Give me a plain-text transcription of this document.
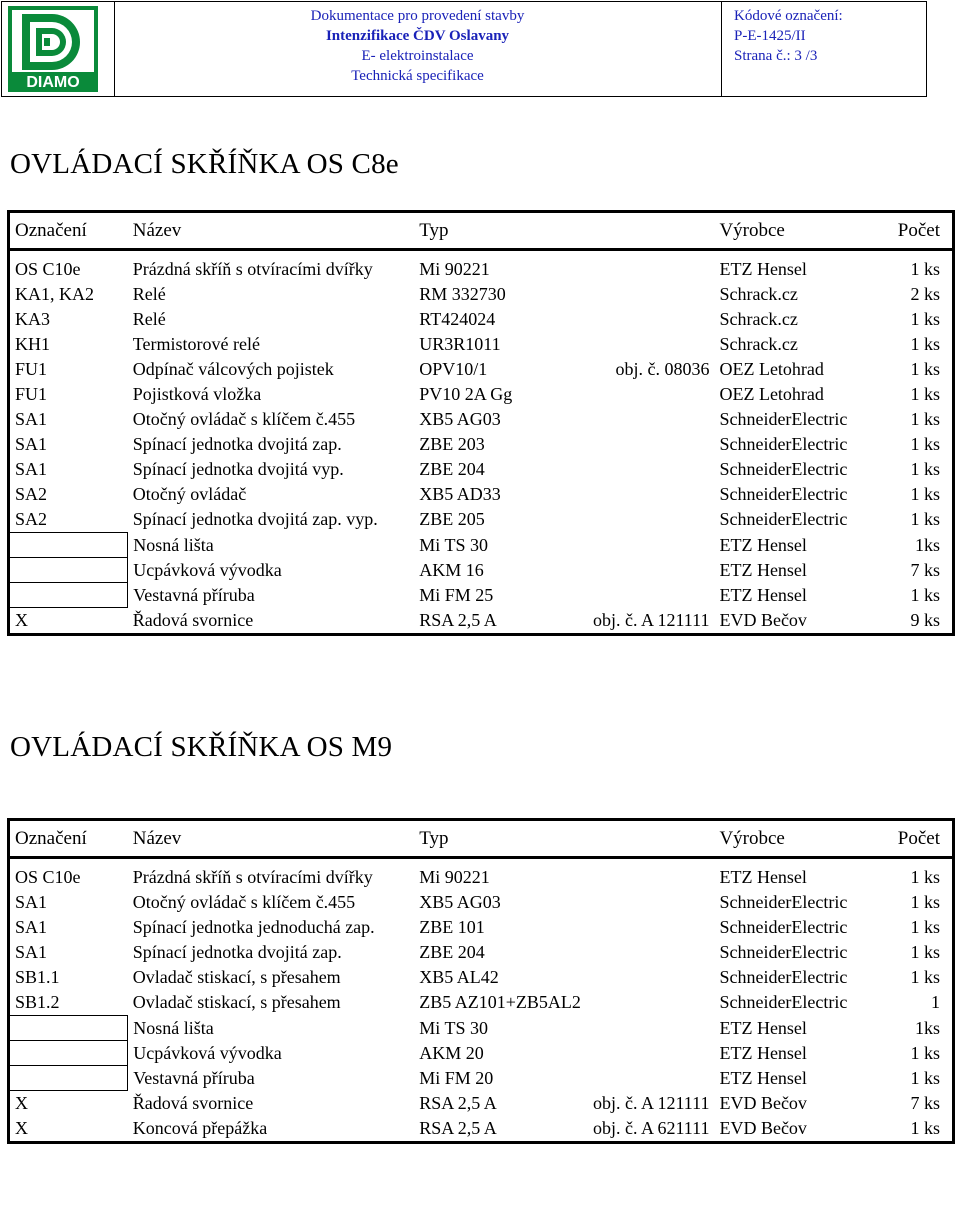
DIAMO
Dokumentace pro provedení stavby
Intenzifikace ČDV Oslavany
E- elektroinstalace
Technická specifikace
Kódové označení:
P-E-1425/II
Strana č.: 3 /3
OVLÁDACÍ SKŘÍŇKA OS C8e
Označení	Název	Typ	Výrobce	Počet
OS C10e	Prázdná skříň s otvíracími dvířky	Mi 90221	ETZ Hensel	1 ks
KA1, KA2	Relé	RM 332730	Schrack.cz	2 ks
KA3	Relé	RT424024	Schrack.cz	1 ks
KH1	Termistorové relé	UR3R1011	Schrack.cz	1 ks
FU1	Odpínač válcových pojistek	OPV10/1 obj. č. 08036	OEZ Letohrad	1 ks
FU1	Pojistková vložka	PV10 2A Gg	OEZ Letohrad	1 ks
SA1	Otočný ovládač s klíčem č.455	XB5 AG03	SchneiderElectric	1 ks
SA1	Spínací jednotka dvojitá zap.	ZBE 203	SchneiderElectric	1 ks
SA1	Spínací jednotka dvojitá vyp.	ZBE 204	SchneiderElectric	1 ks
SA2	Otočný ovládač	XB5 AD33	SchneiderElectric	1 ks
SA2	Spínací jednotka dvojitá zap. vyp.	ZBE 205	SchneiderElectric	1 ks
	Nosná lišta	Mi TS 30	ETZ Hensel	1ks
	Ucpávková vývodka	AKM 16	ETZ Hensel	7 ks
	Vestavná příruba	Mi FM 25	ETZ Hensel	1 ks
X	Řadová svornice	RSA 2,5 A obj. č. A 121111	EVD Bečov	9 ks
OVLÁDACÍ SKŘÍŇKA OS M9
Označení	Název	Typ	Výrobce	Počet
OS C10e	Prázdná skříň s otvíracími dvířky	Mi 90221	ETZ Hensel	1 ks
SA1	Otočný ovládač s klíčem č.455	XB5 AG03	SchneiderElectric	1 ks
SA1	Spínací jednotka jednoduchá zap.	ZBE 101	SchneiderElectric	1 ks
SA1	Spínací jednotka dvojitá zap.	ZBE 204	SchneiderElectric	1 ks
SB1.1	Ovladač stiskací, s přesahem	XB5 AL42	SchneiderElectric	1 ks
SB1.2	Ovladač stiskací, s přesahem	ZB5 AZ101+ZB5AL2	SchneiderElectric	1
	Nosná lišta	Mi TS 30	ETZ Hensel	1ks
	Ucpávková vývodka	AKM 20	ETZ Hensel	1 ks
	Vestavná příruba	Mi FM 20	ETZ Hensel	1 ks
X	Řadová svornice	RSA 2,5 A obj. č. A 121111	EVD Bečov	7 ks
X	Koncová přepážka	RSA 2,5 A obj. č. A 621111	EVD Bečov	1 ks
